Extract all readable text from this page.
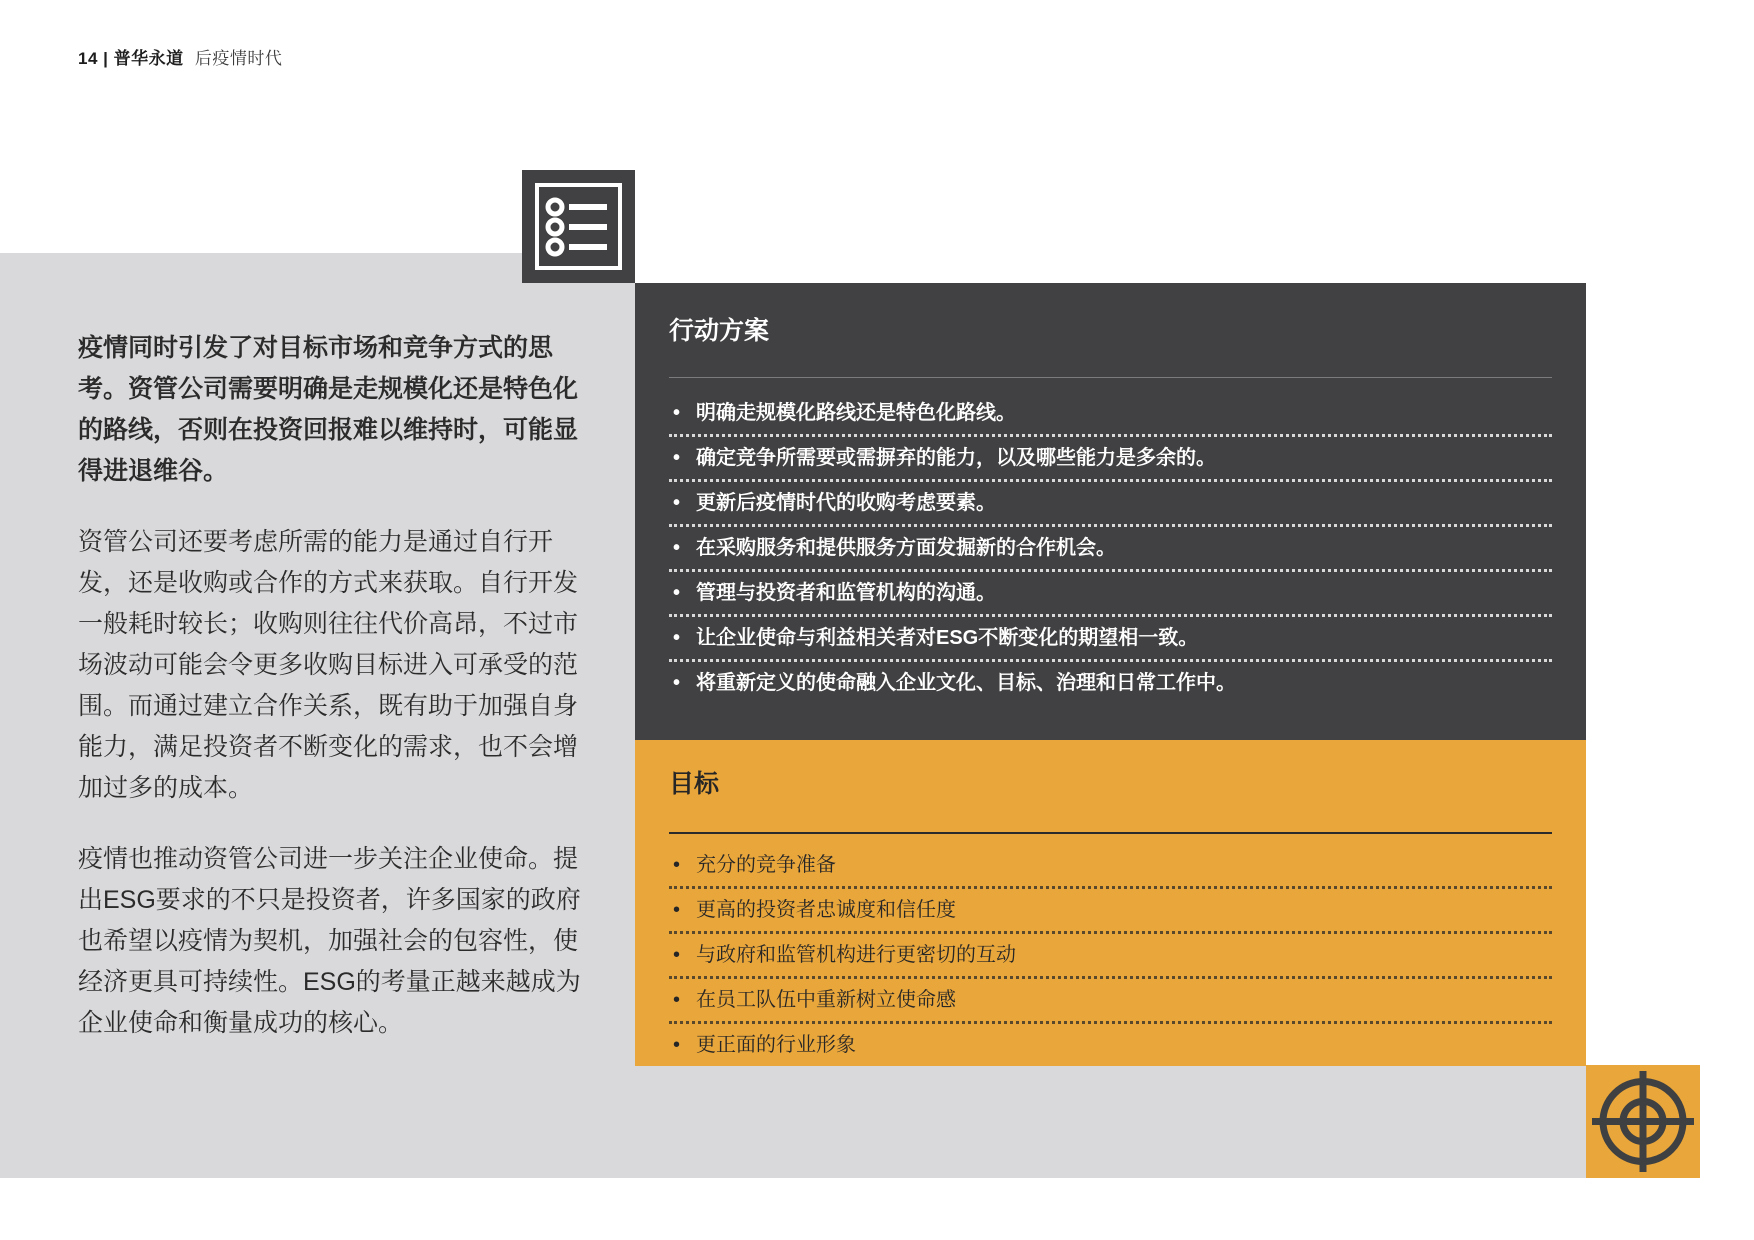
14 | 普华永道 后疫情时代

疫情同时引发了对目标市场和竞争方式的思考。资管公司需要明确是走规模化还是特色化的路线，否则在投资回报难以维持时，可能显得进退维谷。

资管公司还要考虑所需的能力是通过自行开发，还是收购或合作的方式来获取。自行开发一般耗时较长；收购则往往代价高昂，不过市场波动可能会令更多收购目标进入可承受的范围。而通过建立合作关系，既有助于加强自身能力，满足投资者不断变化的需求，也不会增加过多的成本。

疫情也推动资管公司进一步关注企业使命。提出ESG要求的不只是投资者，许多国家的政府也希望以疫情为契机，加强社会的包容性，使经济更具可持续性。ESG的考量正越来越成为企业使命和衡量成功的核心。

行动方案
• 明确走规模化路线还是特色化路线。
• 确定竞争所需要或需摒弃的能力，以及哪些能力是多余的。
• 更新后疫情时代的收购考虑要素。
• 在采购服务和提供服务方面发掘新的合作机会。
• 管理与投资者和监管机构的沟通。
• 让企业使命与利益相关者对ESG不断变化的期望相一致。
• 将重新定义的使命融入企业文化、目标、治理和日常工作中。
目标
• 充分的竞争准备
• 更高的投资者忠诚度和信任度
• 与政府和监管机构进行更密切的互动
• 在员工队伍中重新树立使命感
• 更正面的行业形象
